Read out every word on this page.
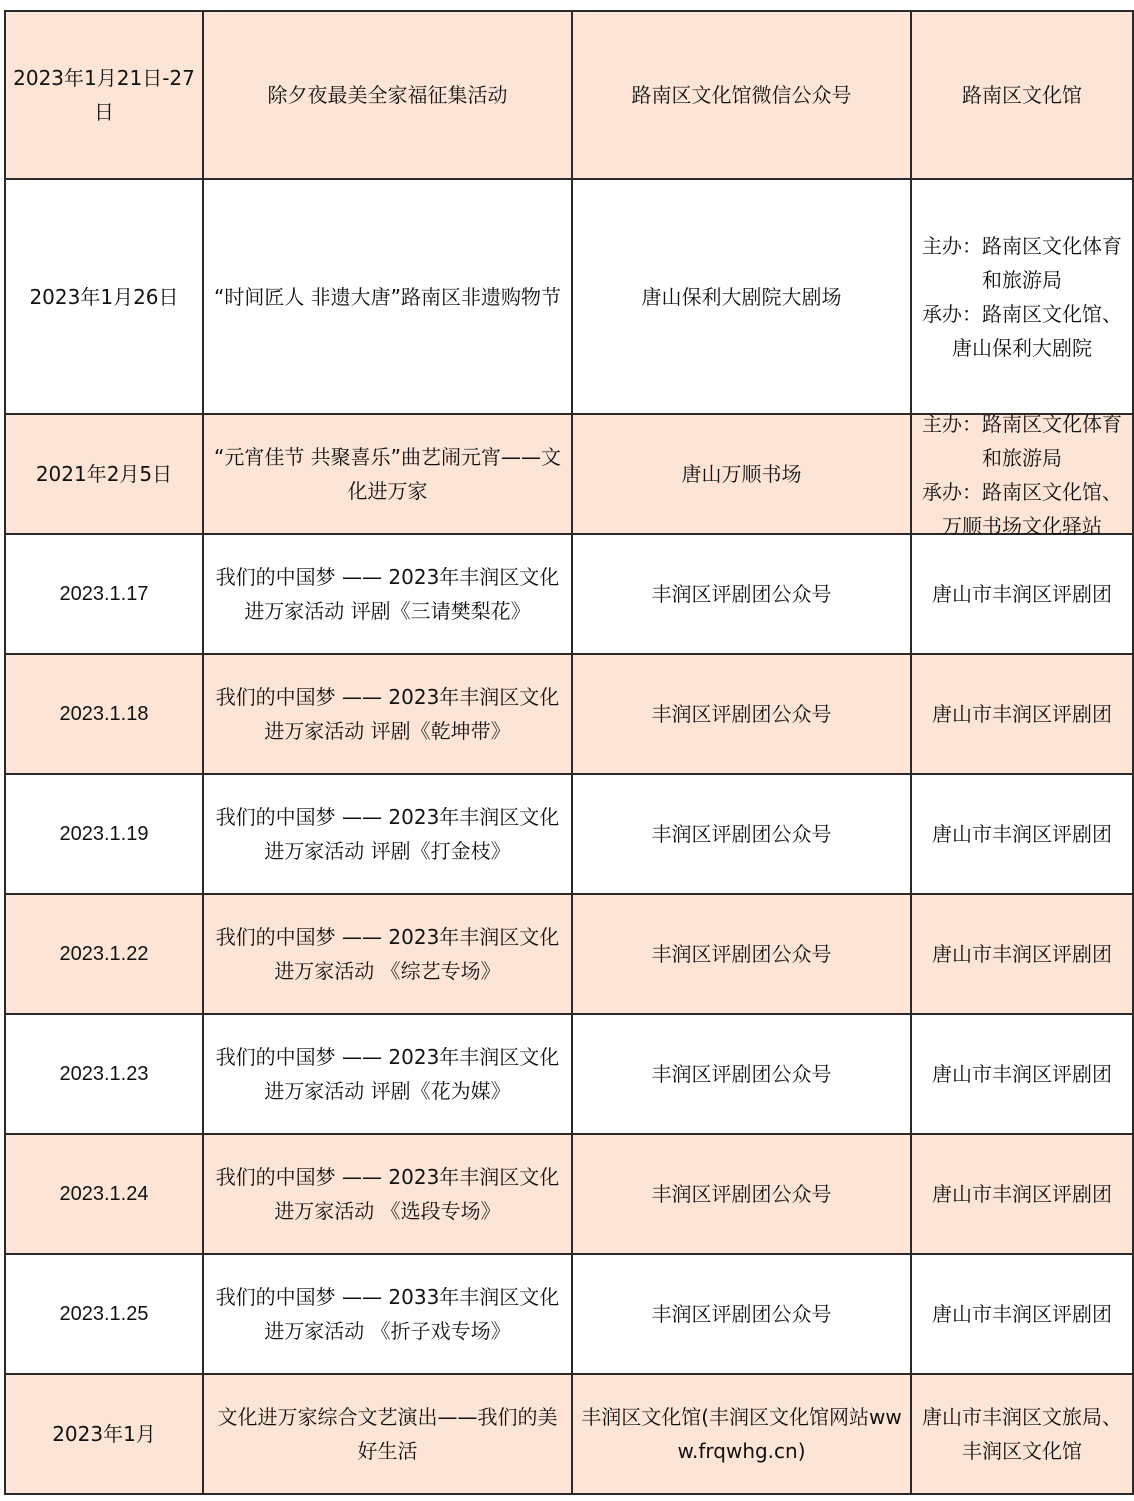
2023年1月21日-27日	除夕夜最美全家福征集活动	路南区文化馆微信公众号	路南区文化馆
2023年1月26日	“时间匠人 非遗大唐”路南区非遗购物节	唐山保利大剧院大剧场	主办：路南区文化体育和旅游局
承办：路南区文化馆、唐山保利大剧院

2021年2月5日	“元宵佳节 共聚喜乐”曲艺闹元宵——文化进万家	唐山万顺书场	主办：路南区文化体育和旅游局
承办：路南区文化馆、万顺书场文化驿站

2023.1.17	我们的中国梦 —— 2023年丰润区文化进万家活动 评剧《三请樊梨花》	丰润区评剧团公众号	唐山市丰润区评剧团
2023.1.18	我们的中国梦 —— 2023年丰润区文化进万家活动 评剧《乾坤带》	丰润区评剧团公众号	唐山市丰润区评剧团
2023.1.19	我们的中国梦 —— 2023年丰润区文化进万家活动 评剧《打金枝》	丰润区评剧团公众号	唐山市丰润区评剧团
2023.1.22	我们的中国梦 —— 2023年丰润区文化进万家活动 《综艺专场》	丰润区评剧团公众号	唐山市丰润区评剧团
2023.1.23	我们的中国梦 —— 2023年丰润区文化进万家活动 评剧《花为媒》	丰润区评剧团公众号	唐山市丰润区评剧团
2023.1.24	我们的中国梦 —— 2023年丰润区文化进万家活动 《选段专场》	丰润区评剧团公众号	唐山市丰润区评剧团
2023.1.25	我们的中国梦 —— 2033年丰润区文化进万家活动 《折子戏专场》	丰润区评剧团公众号	唐山市丰润区评剧团
2023年1月	文化进万家综合文艺演出——我们的美好生活	丰润区文化馆(丰润区文化馆网站www.frqwhg.cn)	唐山市丰润区文旅局、丰润区文化馆
